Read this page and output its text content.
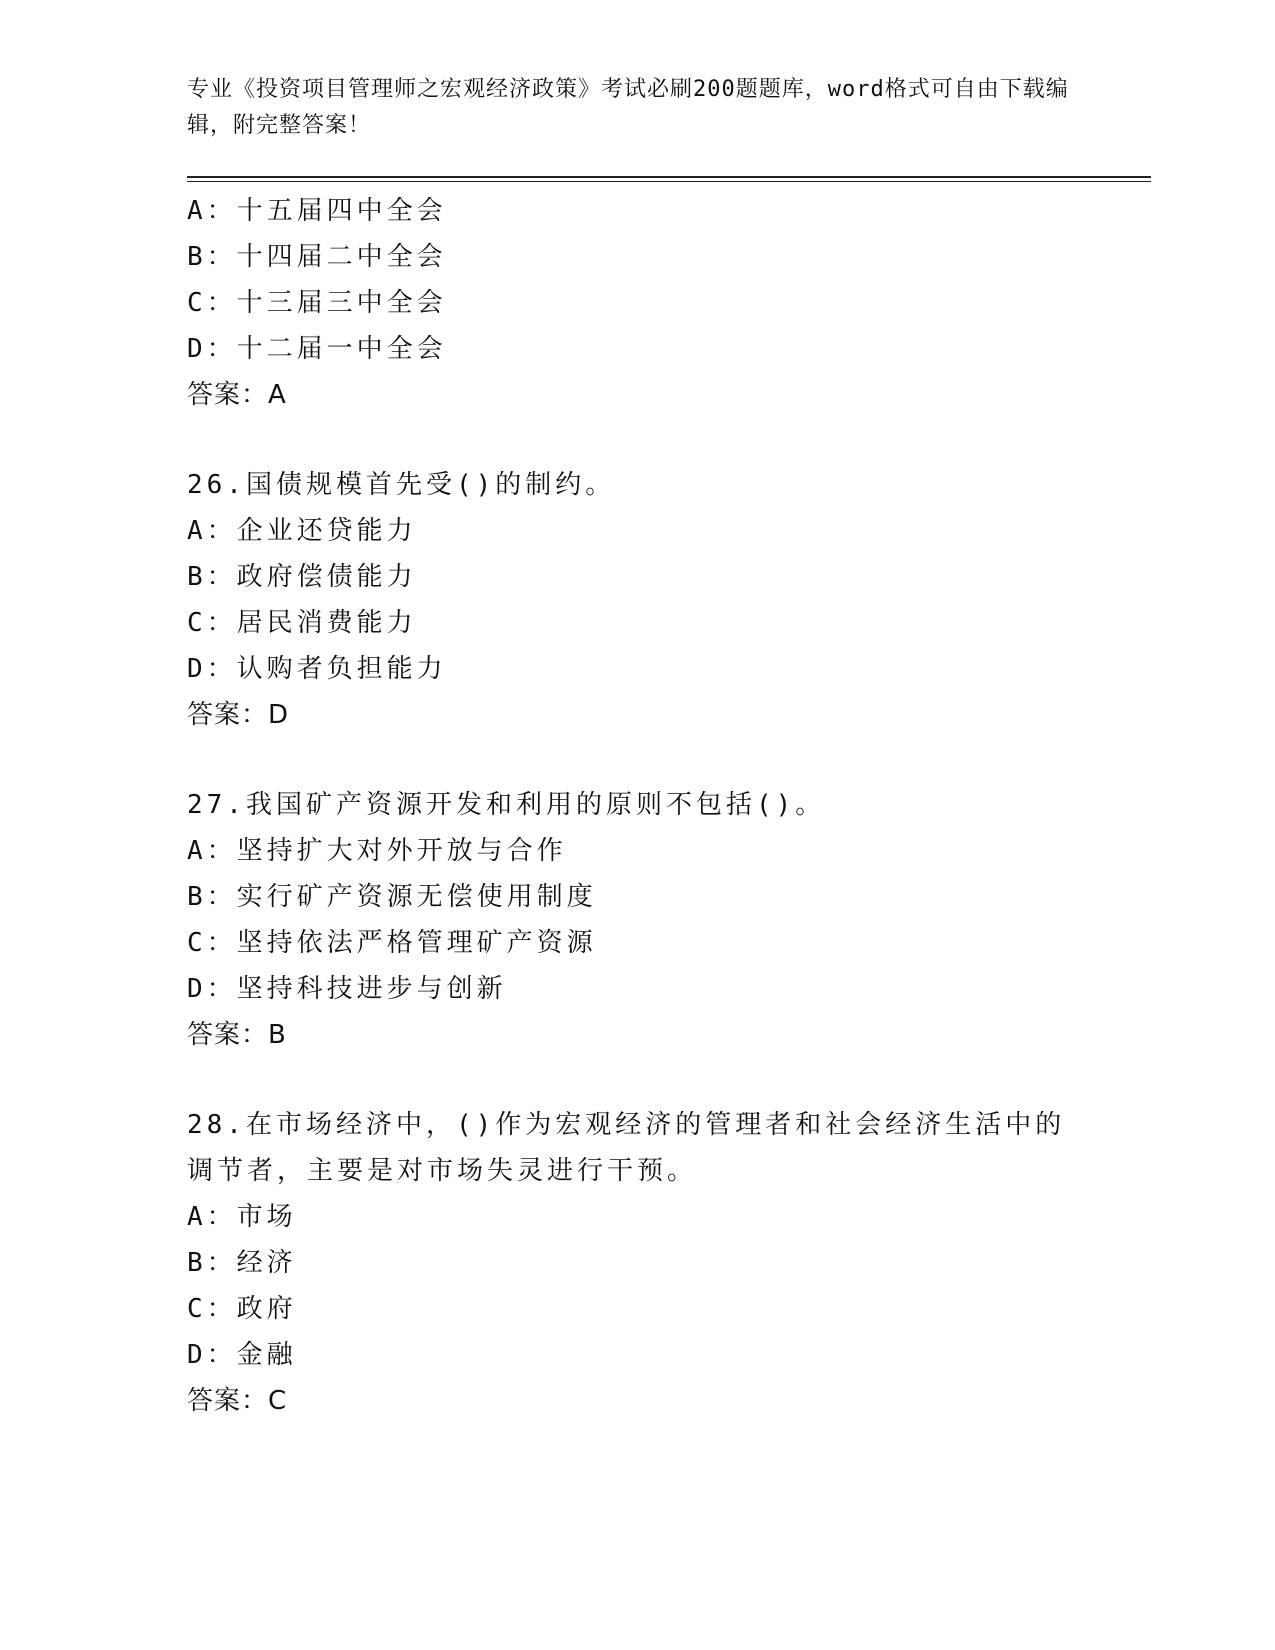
专业《投资项目管理师之宏观经济政策》考试必刷200题题库，word格式可自由下载编辑，附完整答案！
A：十五届四中全会
B：十四届二中全会
C：十三届三中全会
D：十二届一中全会
答案：A
26.国债规模首先受()的制约。
A：企业还贷能力
B：政府偿债能力
C：居民消费能力
D：认购者负担能力
答案：D
27.我国矿产资源开发和利用的原则不包括()。
A：坚持扩大对外开放与合作
B：实行矿产资源无偿使用制度
C：坚持依法严格管理矿产资源
D：坚持科技进步与创新
答案：B
28.在市场经济中，()作为宏观经济的管理者和社会经济生活中的调节者，主要是对市场失灵进行干预。
A：市场
B：经济
C：政府
D：金融
答案：C
